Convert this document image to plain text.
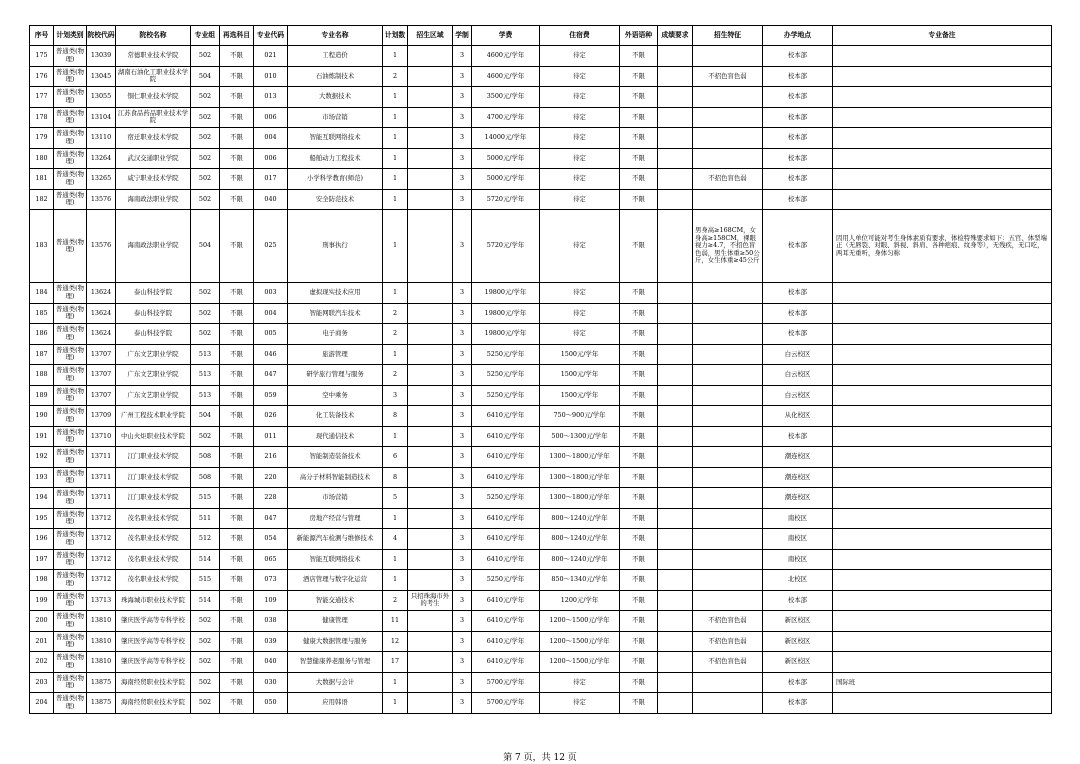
序号	计划类别	院校代码	院校名称	专业组	再选科目	专业代码	专业名称	计划数	招生区域	学制	学费	住宿费	外语语种	成绩要求	招生特征	办学地点	专业备注
175	普通类(物理)	13039	常德职业技术学院	502	不限	021	工程造价	1		3	4600元/学年	待定	不限			校本部	
176	普通类(物理)	13045	湖南石油化工职业技术学院	504	不限	010	石油炼制技术	2		3	4600元/学年	待定	不限		不招色盲色弱	校本部	
177	普通类(物理)	13055	铜仁职业技术学院	502	不限	013	大数据技术	1		3	3500元/学年	待定	不限			校本部	
178	普通类(物理)	13104	江苏食品药品职业技术学院	502	不限	006	市场营销	1		3	4700元/学年	待定	不限			校本部	
179	普通类(物理)	13110	宿迁职业技术学院	502	不限	004	智能互联网络技术	1		3	14000元/学年	待定	不限			校本部	
180	普通类(物理)	13264	武汉交通职业学院	502	不限	006	船舶动力工程技术	1		3	5000元/学年	待定	不限			校本部	
181	普通类(物理)	13265	咸宁职业技术学院	502	不限	017	小学科学教育(师范)	1		3	5000元/学年	待定	不限		不招色盲色弱	校本部	
182	普通类(物理)	13576	海南政法职业学院	502	不限	040	安全防范技术	1		3	5720元/学年	待定	不限			校本部	
183	普通类(物理)	13576	海南政法职业学院	504	不限	025	刑事执行	1		3	5720元/学年	待定	不限		男身高≥168CM，女身高≥158CM，裸眼视力≥4.7，不招色盲色弱，男生体重≥50公斤，女生体重≥45公斤	校本部	因用人单位可能对考生身体素质有要求，体检特殊要求如下：五官、体型端正（无唇裂、对眼、斜视、斜肩、各种疤痕、纹身等），无残疾，无口吃，两耳无重听，身体匀称
184	普通类(物理)	13624	泰山科技学院	502	不限	003	虚拟现实技术应用	1		3	19800元/学年	待定	不限			校本部	
185	普通类(物理)	13624	泰山科技学院	502	不限	004	智能网联汽车技术	2		3	19800元/学年	待定	不限			校本部	
186	普通类(物理)	13624	泰山科技学院	502	不限	005	电子商务	2		3	19800元/学年	待定	不限			校本部	
187	普通类(物理)	13707	广东文艺职业学院	513	不限	046	旅游管理	1		3	5250元/学年	1500元/学年	不限			白云校区	
188	普通类(物理)	13707	广东文艺职业学院	513	不限	047	研学旅行管理与服务	2		3	5250元/学年	1500元/学年	不限			白云校区	
189	普通类(物理)	13707	广东文艺职业学院	513	不限	059	空中乘务	3		3	5250元/学年	1500元/学年	不限			白云校区	
190	普通类(物理)	13709	广州工程技术职业学院	504	不限	026	化工装备技术	8		3	6410元/学年	750～900元/学年	不限			从化校区	
191	普通类(物理)	13710	中山火炬职业技术学院	502	不限	011	现代通信技术	1		3	6410元/学年	500～1300元/学年	不限			校本部	
192	普通类(物理)	13711	江门职业技术学院	508	不限	216	智能制造装备技术	6		3	6410元/学年	1300～1800元/学年	不限			潮连校区	
193	普通类(物理)	13711	江门职业技术学院	508	不限	220	高分子材料智能制造技术	8		3	6410元/学年	1300～1800元/学年	不限			潮连校区	
194	普通类(物理)	13711	江门职业技术学院	515	不限	228	市场营销	5		3	5250元/学年	1300～1800元/学年	不限			潮连校区	
195	普通类(物理)	13712	茂名职业技术学院	511	不限	047	房地产经营与管理	1		3	6410元/学年	800～1240元/学年	不限			南校区	
196	普通类(物理)	13712	茂名职业技术学院	512	不限	054	新能源汽车检测与维修技术	4		3	6410元/学年	800～1240元/学年	不限			南校区	
197	普通类(物理)	13712	茂名职业技术学院	514	不限	065	智能互联网络技术	1		3	6410元/学年	800～1240元/学年	不限			南校区	
198	普通类(物理)	13712	茂名职业技术学院	515	不限	073	酒店管理与数字化运营	1		3	5250元/学年	850～1340元/学年	不限			北校区	
199	普通类(物理)	13713	珠海城市职业技术学院	514	不限	109	智能交通技术	2	只招珠海市外的考生	3	6410元/学年	1200元/学年	不限			校本部	
200	普通类(物理)	13810	肇庆医学高等专科学校	502	不限	038	健康管理	11		3	6410元/学年	1200～1500元/学年	不限		不招色盲色弱	新区校区	
201	普通类(物理)	13810	肇庆医学高等专科学校	502	不限	039	健康大数据管理与服务	12		3	6410元/学年	1200～1500元/学年	不限		不招色盲色弱	新区校区	
202	普通类(物理)	13810	肇庆医学高等专科学校	502	不限	040	智慧健康养老服务与管理	17		3	6410元/学年	1200～1500元/学年	不限		不招色盲色弱	新区校区	
203	普通类(物理)	13875	海南经贸职业技术学院	502	不限	030	大数据与会计	1		3	5700元/学年	待定	不限			校本部	国际班
204	普通类(物理)	13875	海南经贸职业技术学院	502	不限	050	应用韩语	1		3	5700元/学年	待定	不限			校本部	
第 7 页，共 12 页
